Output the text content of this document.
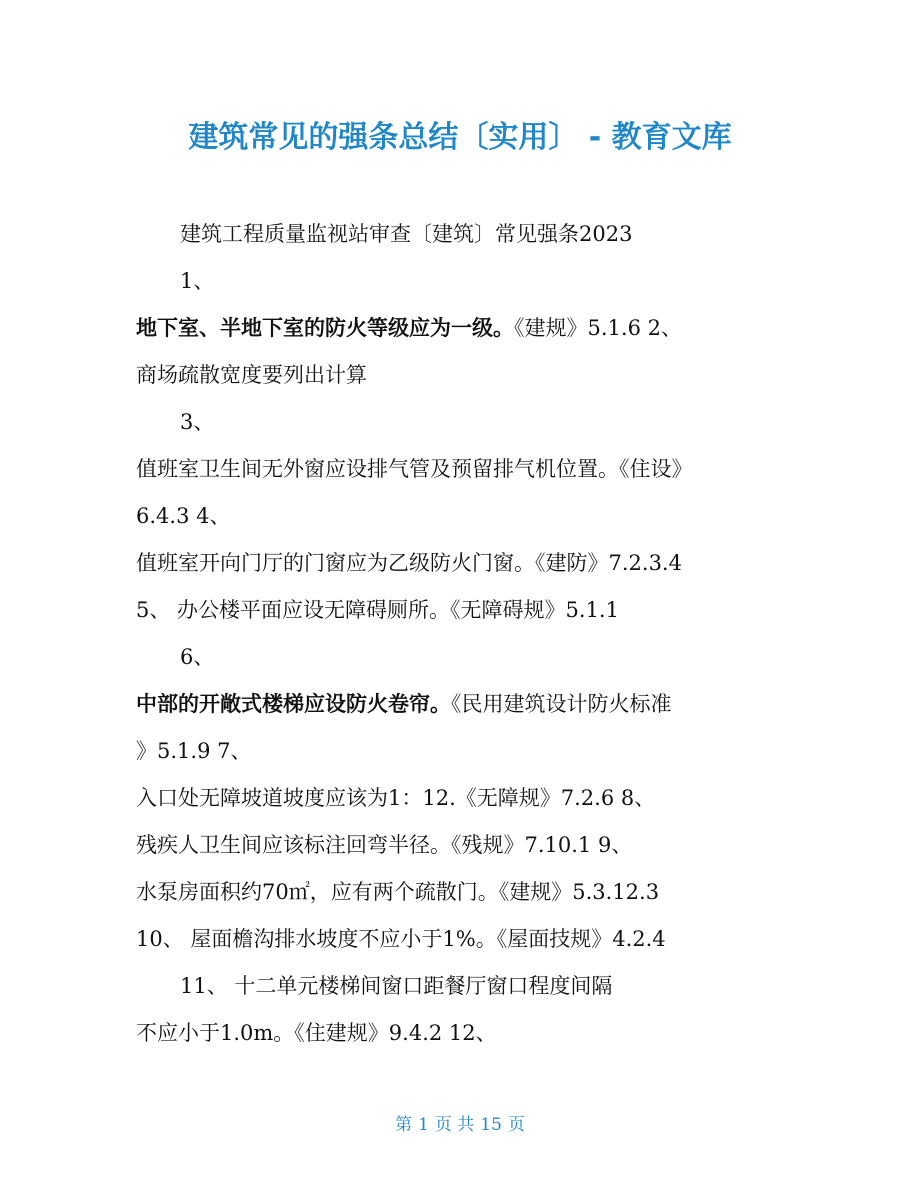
建筑常见的强条总结〔实用〕 - 教育文库
建筑工程质量监视站审查〔建筑〕常见强条2023
1、
地下室、半地下室的防火等级应为一级。《建规》5.1.6 2、
商场疏散宽度要列出计算
3、
值班室卫生间无外窗应设排气管及预留排气机位置。《住设》
6.4.3 4、
值班室开向门厅的门窗应为乙级防火门窗。《建防》7.2.3.4
5、 办公楼平面应设无障碍厕所。《无障碍规》5.1.1
6、
中部的开敞式楼梯应设防火卷帘。《民用建筑设计防火标准
》5.1.9 7、
入口处无障坡道坡度应该为1：12.《无障规》7.2.6 8、
残疾人卫生间应该标注回弯半径。《残规》7.10.1 9、
水泵房面积约70㎡，应有两个疏散门。《建规》5.3.12.3
10、 屋面檐沟排水坡度不应小于1%。《屋面技规》4.2.4
11、 十二单元楼梯间窗口距餐厅窗口程度间隔
不应小于1.0m。《住建规》9.4.2 12、
第 1 页 共 15 页
